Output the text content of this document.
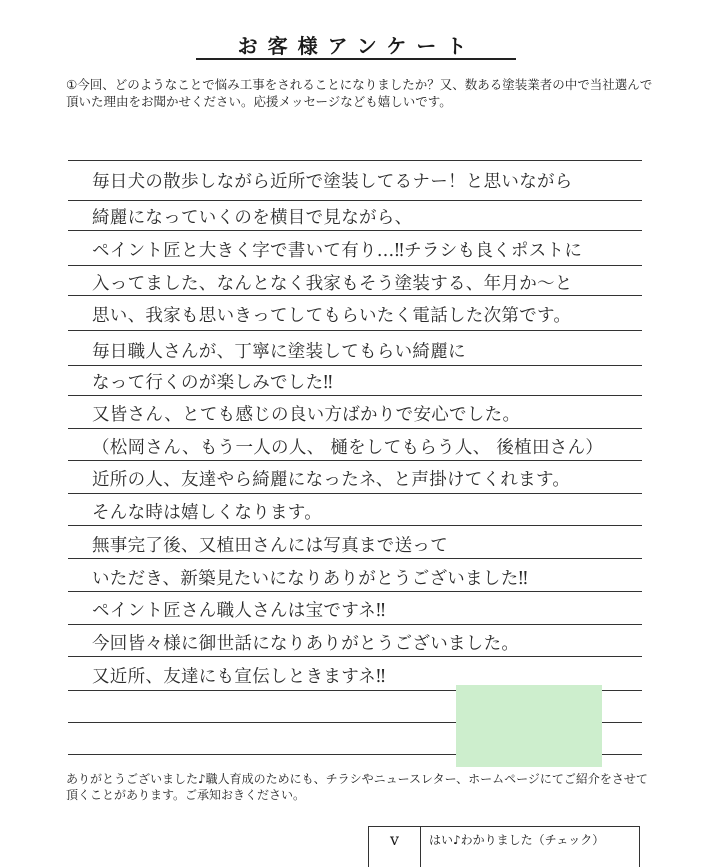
お客様アンケート
①今回、どのようなことで悩み工事をされることになりましたか？又、数ある塗装業者の中で当社選んで頂いた理由をお聞かせください。応援メッセージなども嬉しいです。
毎日犬の散歩しながら近所で塗装してるナー！と思いながら
綺麗になっていくのを横目で見ながら、
ペイント匠と大きく字で書いて有り…‼チラシも良くポストに
入ってました、なんとなく我家もそう塗装する、年月か～と
思い、我家も思いきってしてもらいたく電話した次第です。
毎日職人さんが、丁寧に塗装してもらい綺麗に
なって行くのが楽しみでした‼
又皆さん、とても感じの良い方ばかりで安心でした。
（松岡さん、もう一人の人、 樋をしてもらう人、 後植田さん）
近所の人、友達やら綺麗になったネ、と声掛けてくれます。
そんな時は嬉しくなります。
無事完了後、又植田さんには写真まで送って
いただき、新築見たいになりありがとうございました‼
ペイント匠さん職人さんは宝ですネ‼
今回皆々様に御世話になりありがとうございました。
又近所、友達にも宣伝しときますネ‼
ありがとうございました♪職人育成のためにも、チラシやニュースレター、ホームページにてご紹介をさせて頂くことがあります。ご承知おきください。
v	はい♪わかりました（チェック）
